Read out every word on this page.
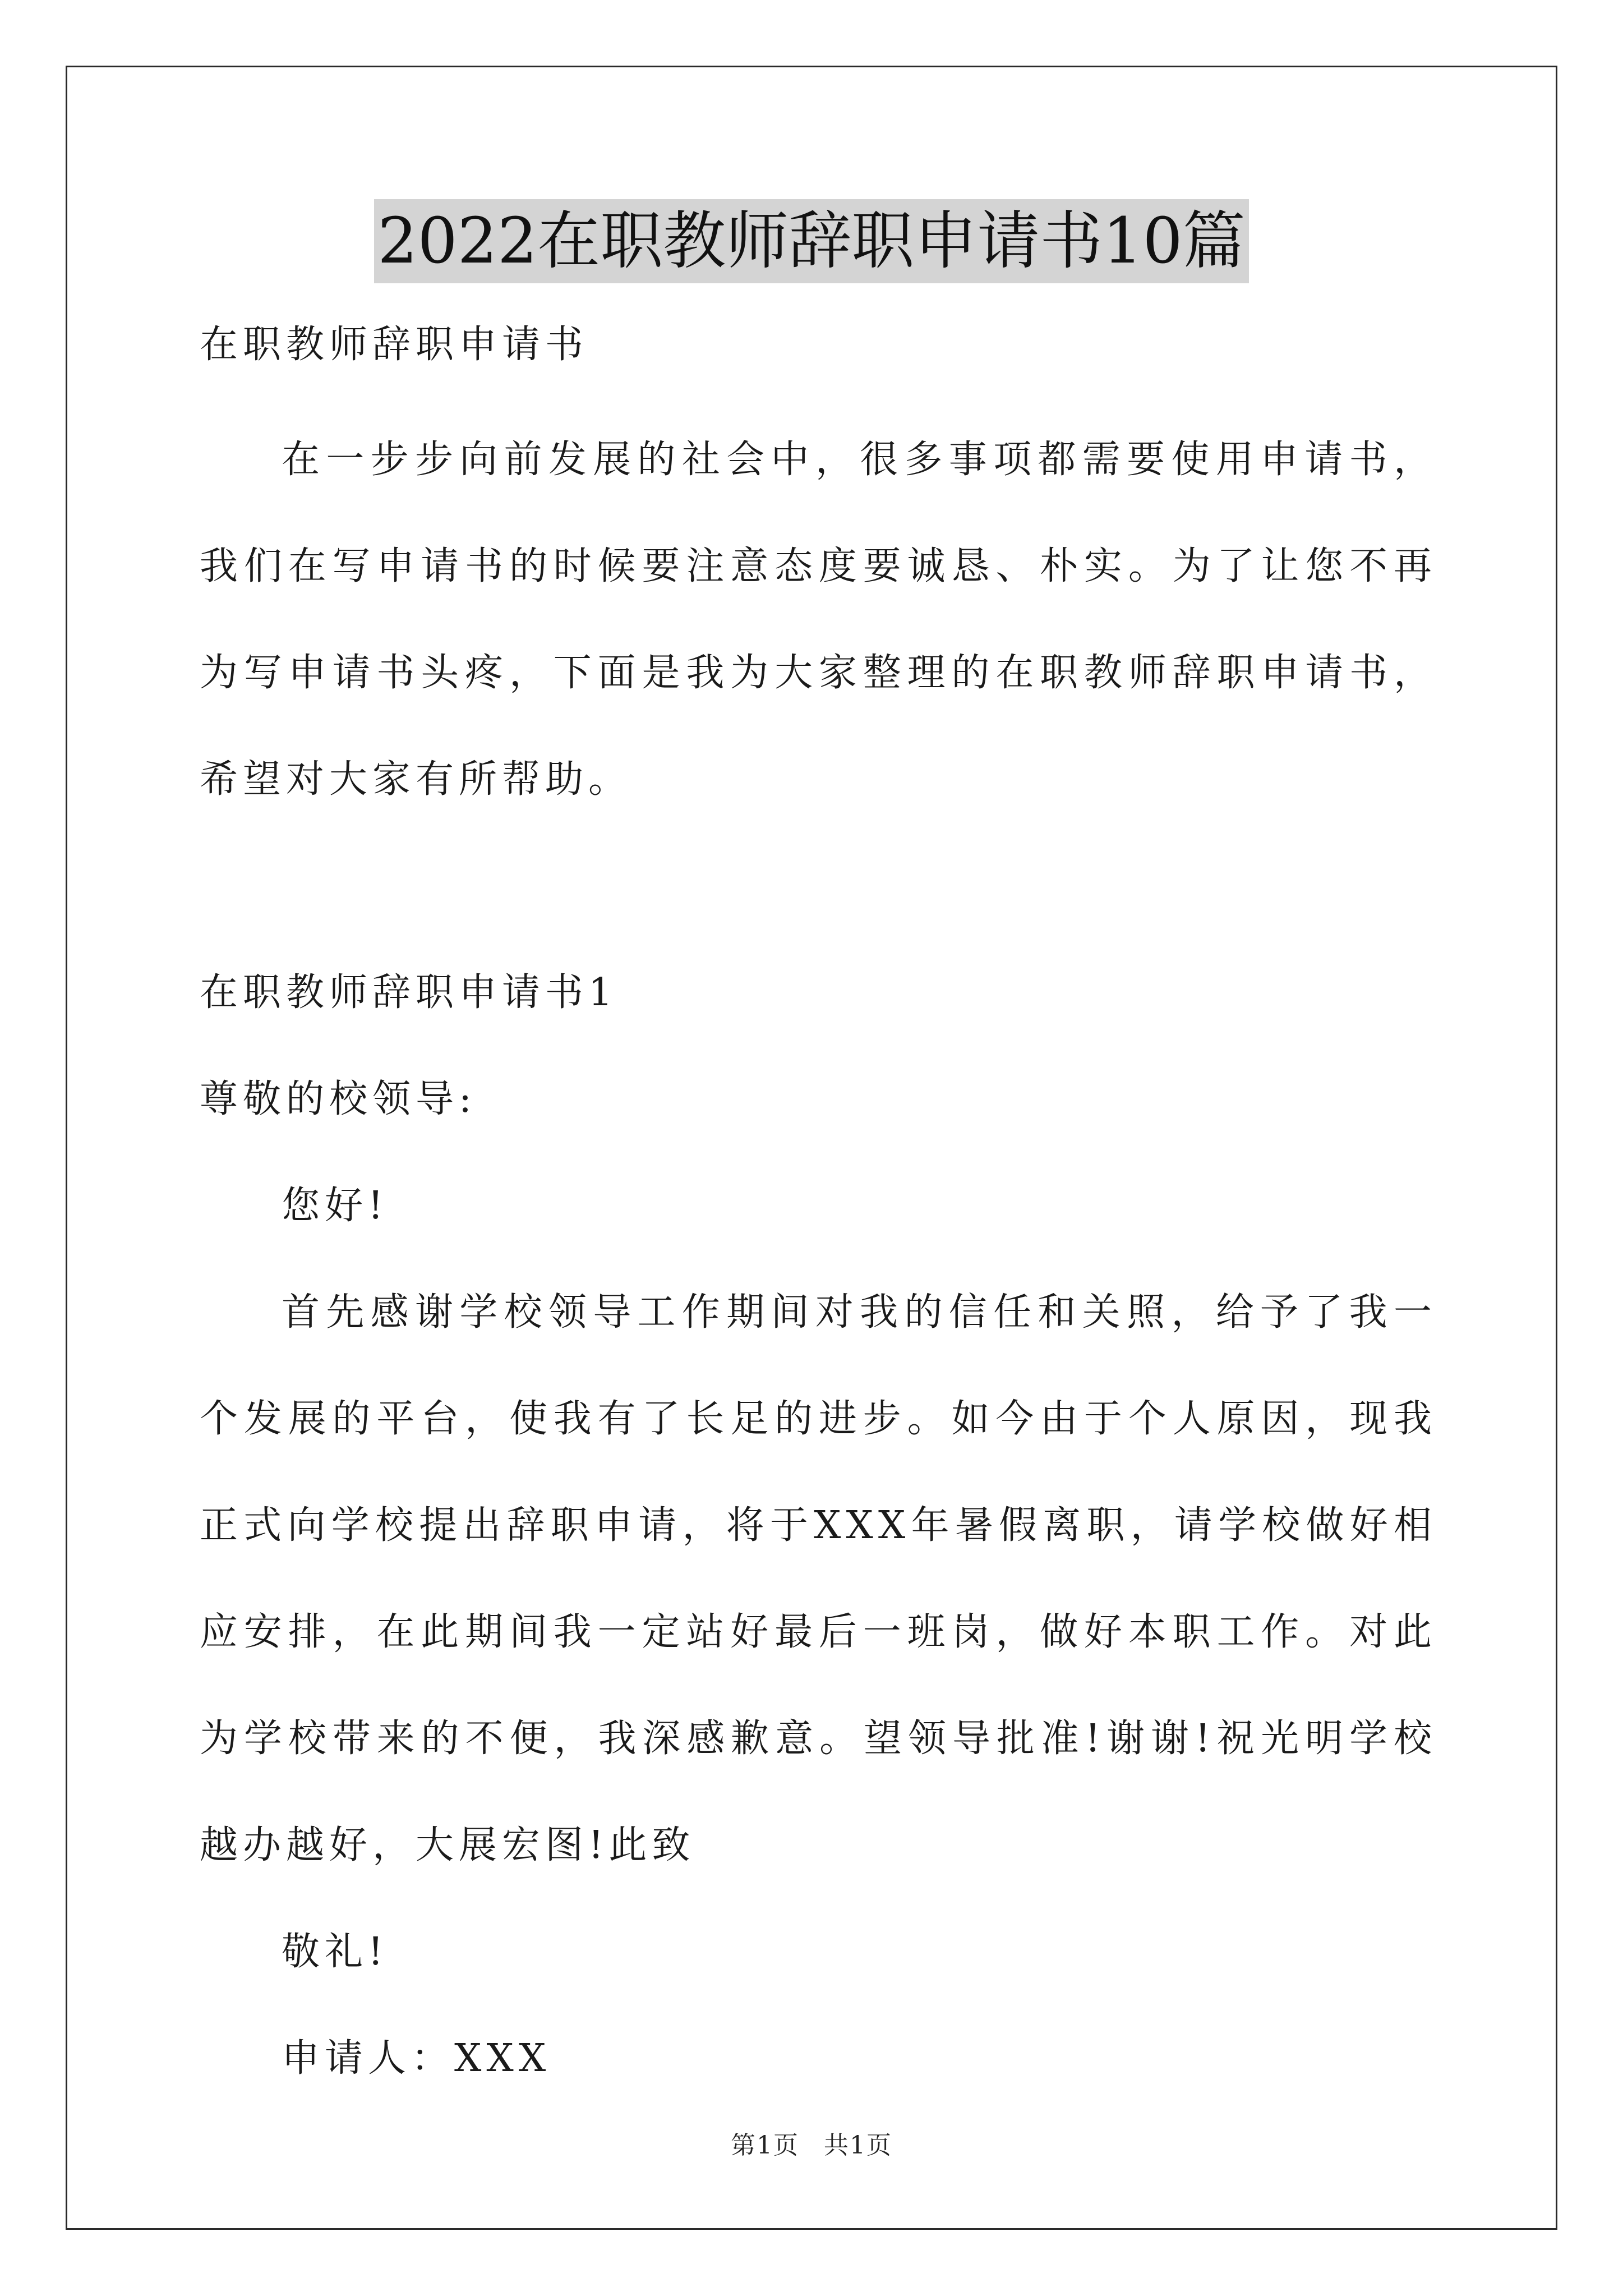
2022在职教师辞职申请书10篇

在职教师辞职申请书

在一步步向前发展的社会中，很多事项都需要使用申请书，我们在写申请书的时候要注意态度要诚恳、朴实。为了让您不再为写申请书头疼，下面是我为大家整理的在职教师辞职申请书，希望对大家有所帮助。

在职教师辞职申请书1

尊敬的校领导:

您好!

首先感谢学校领导工作期间对我的信任和关照，给予了我一个发展的平台，使我有了长足的进步。如今由于个人原因，现我正式向学校提出辞职申请，将于XXX年暑假离职，请学校做好相应安排，在此期间我一定站好最后一班岗，做好本职工作。对此为学校带来的不便，我深感歉意。望领导批准!谢谢!祝光明学校越办越好，大展宏图!此致

敬礼!

申请人：XXX

第1页 共1页
